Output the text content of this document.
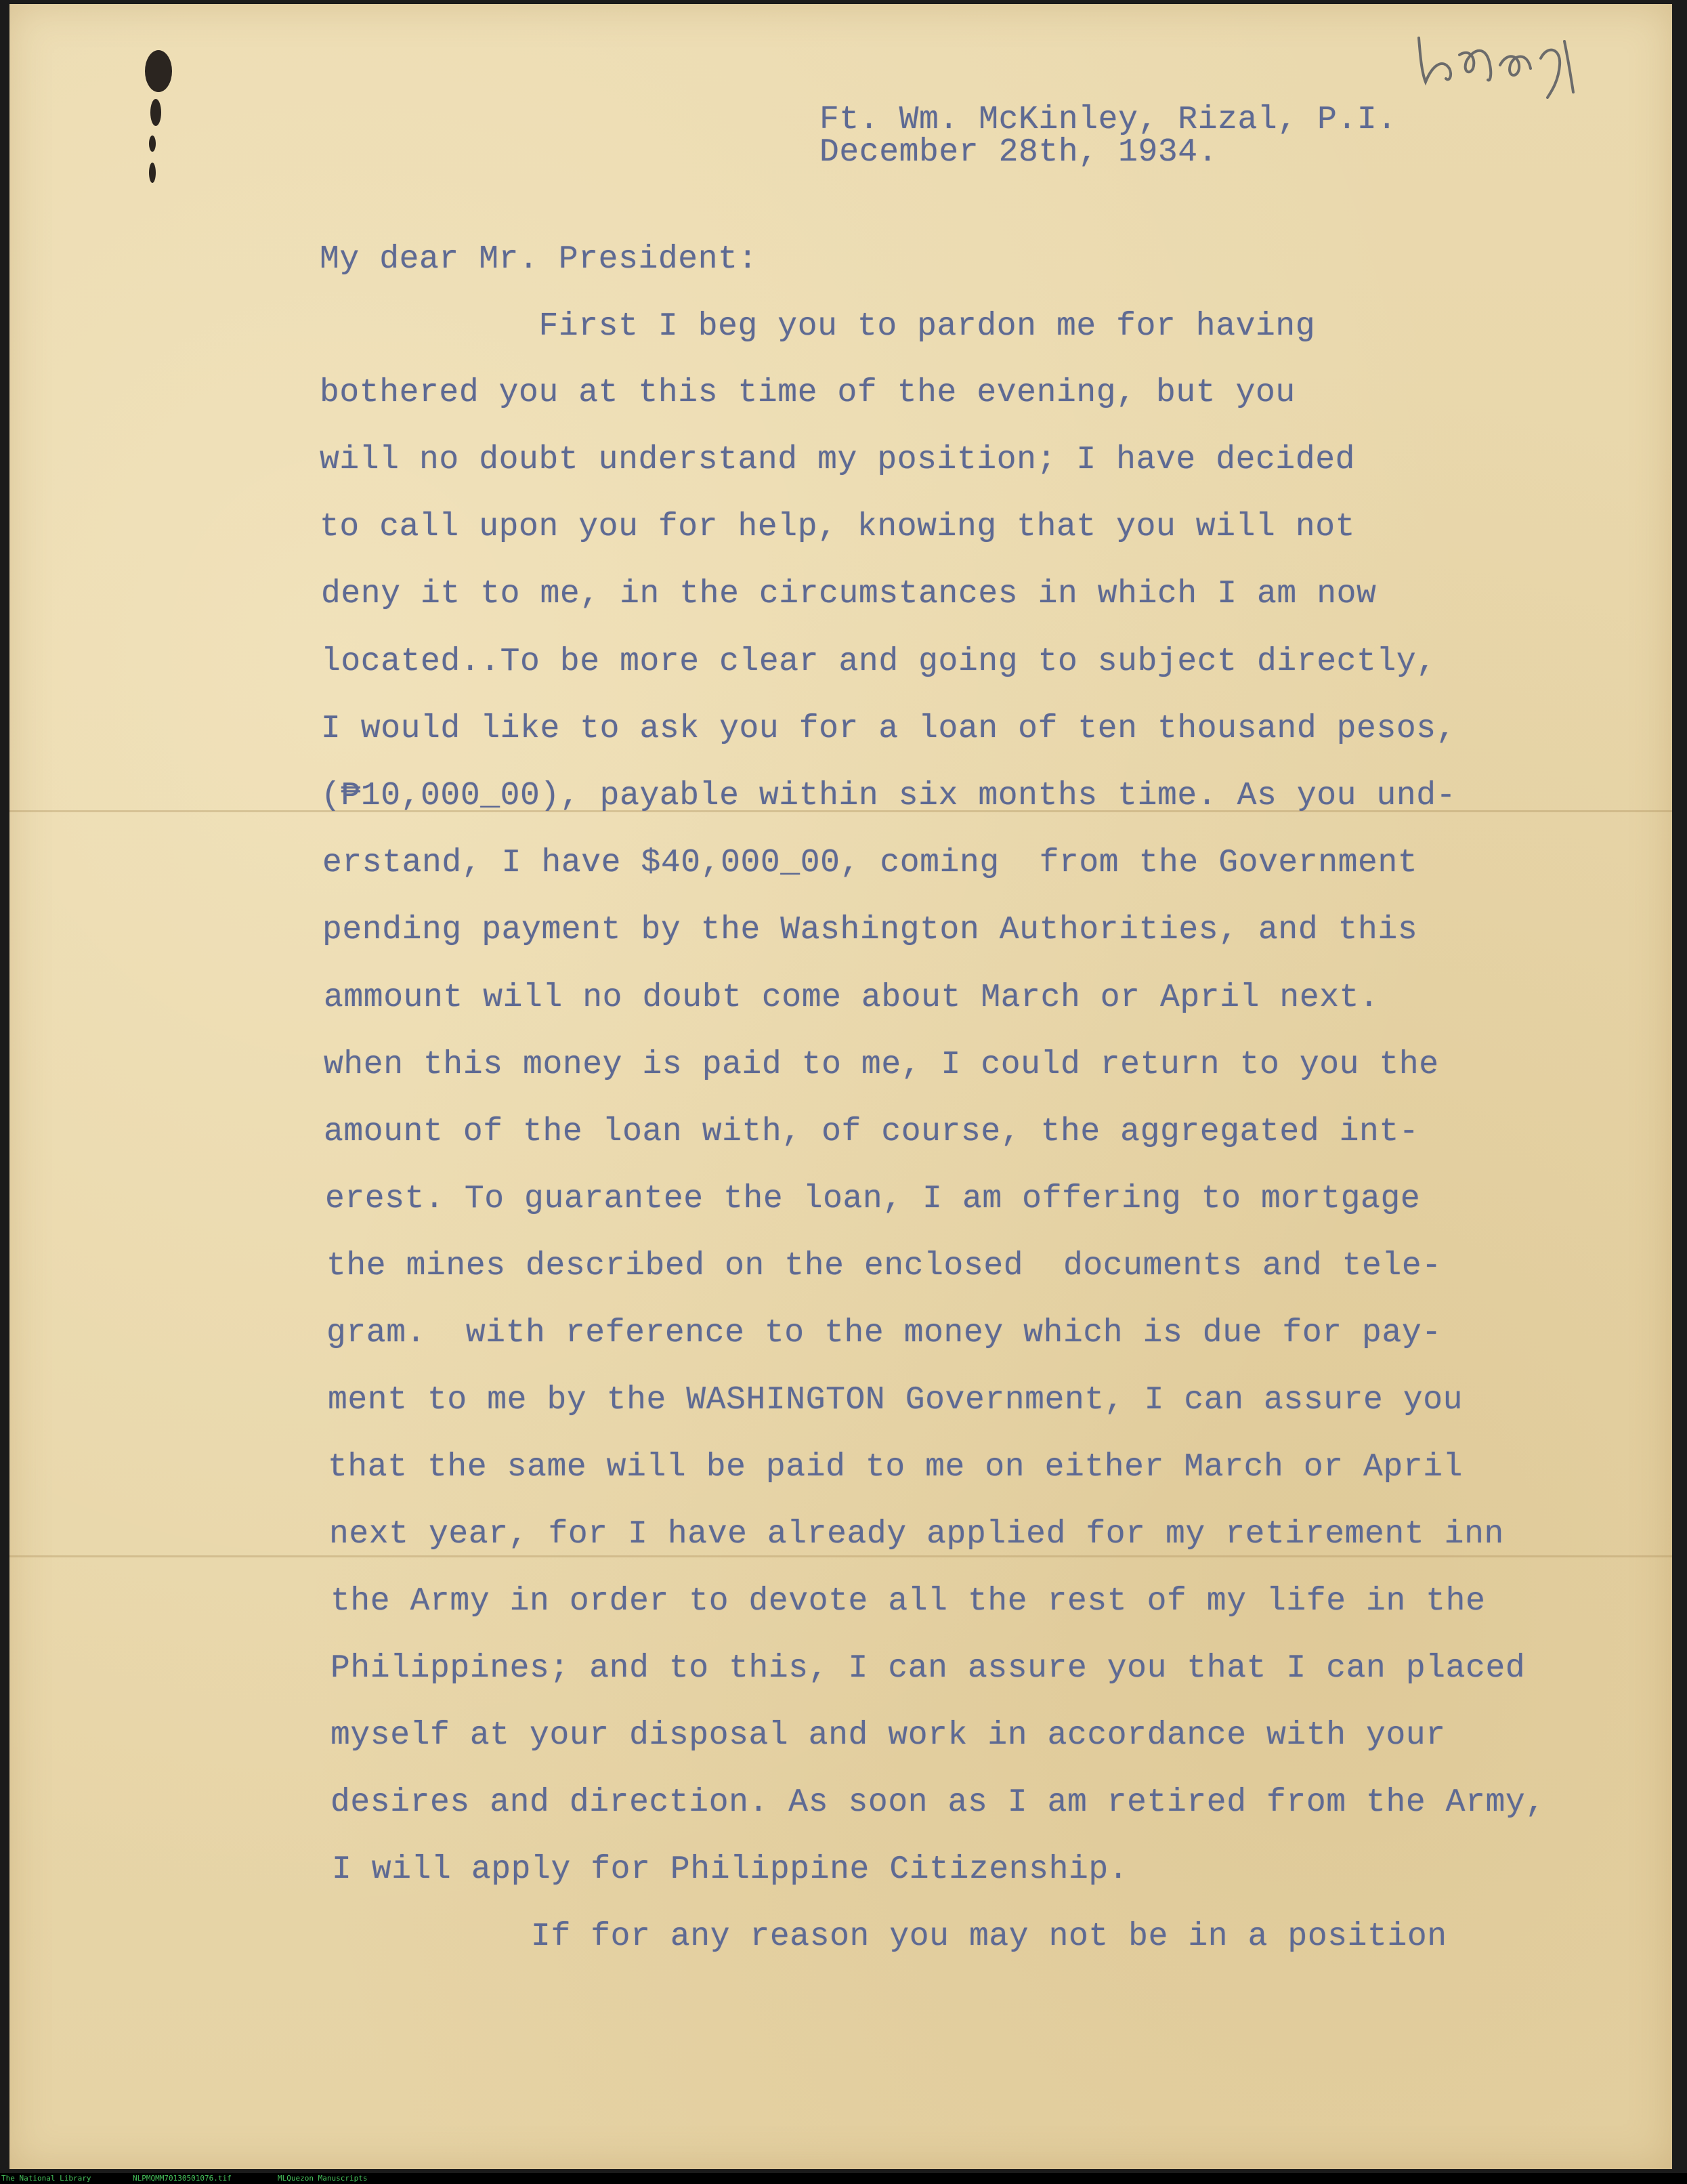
Ft. Wm. McKinley, Rizal, P.I.
December 28th, 1934.
My dear Mr. President:
First I beg you to pardon me for having
bothered you at this time of the evening, but you
will no doubt understand my position; I have decided
to call upon you for help, knowing that you will not
deny it to me, in the circumstances in which I am now
located..To be more clear and going to subject directly,
I would like to ask you for a loan of ten thousand pesos,
(₱10,000_00), payable within six months time. As you und-
erstand, I have $40,000_00, coming  from the Government
pending payment by the Washington Authorities, and this
ammount will no doubt come about March or April next.
when this money is paid to me, I could return to you the
amount of the loan with, of course, the aggregated int-
erest. To guarantee the loan, I am offering to mortgage
the mines described on the enclosed  documents and tele-
gram.  with reference to the money which is due for pay-
ment to me by the WASHINGTON Government, I can assure you
that the same will be paid to me on either March or April
next year, for I have already applied for my retirement inn
the Army in order to devote all the rest of my life in the
Philippines; and to this, I can assure you that I can placed
myself at your disposal and work in accordance with your
desires and direction. As soon as I am retired from the Army,
I will apply for Philippine Citizenship.
If for any reason you may not be in a position
The National Library	NLPMQMM70130501076.tif	MLQuezon Manuscripts
